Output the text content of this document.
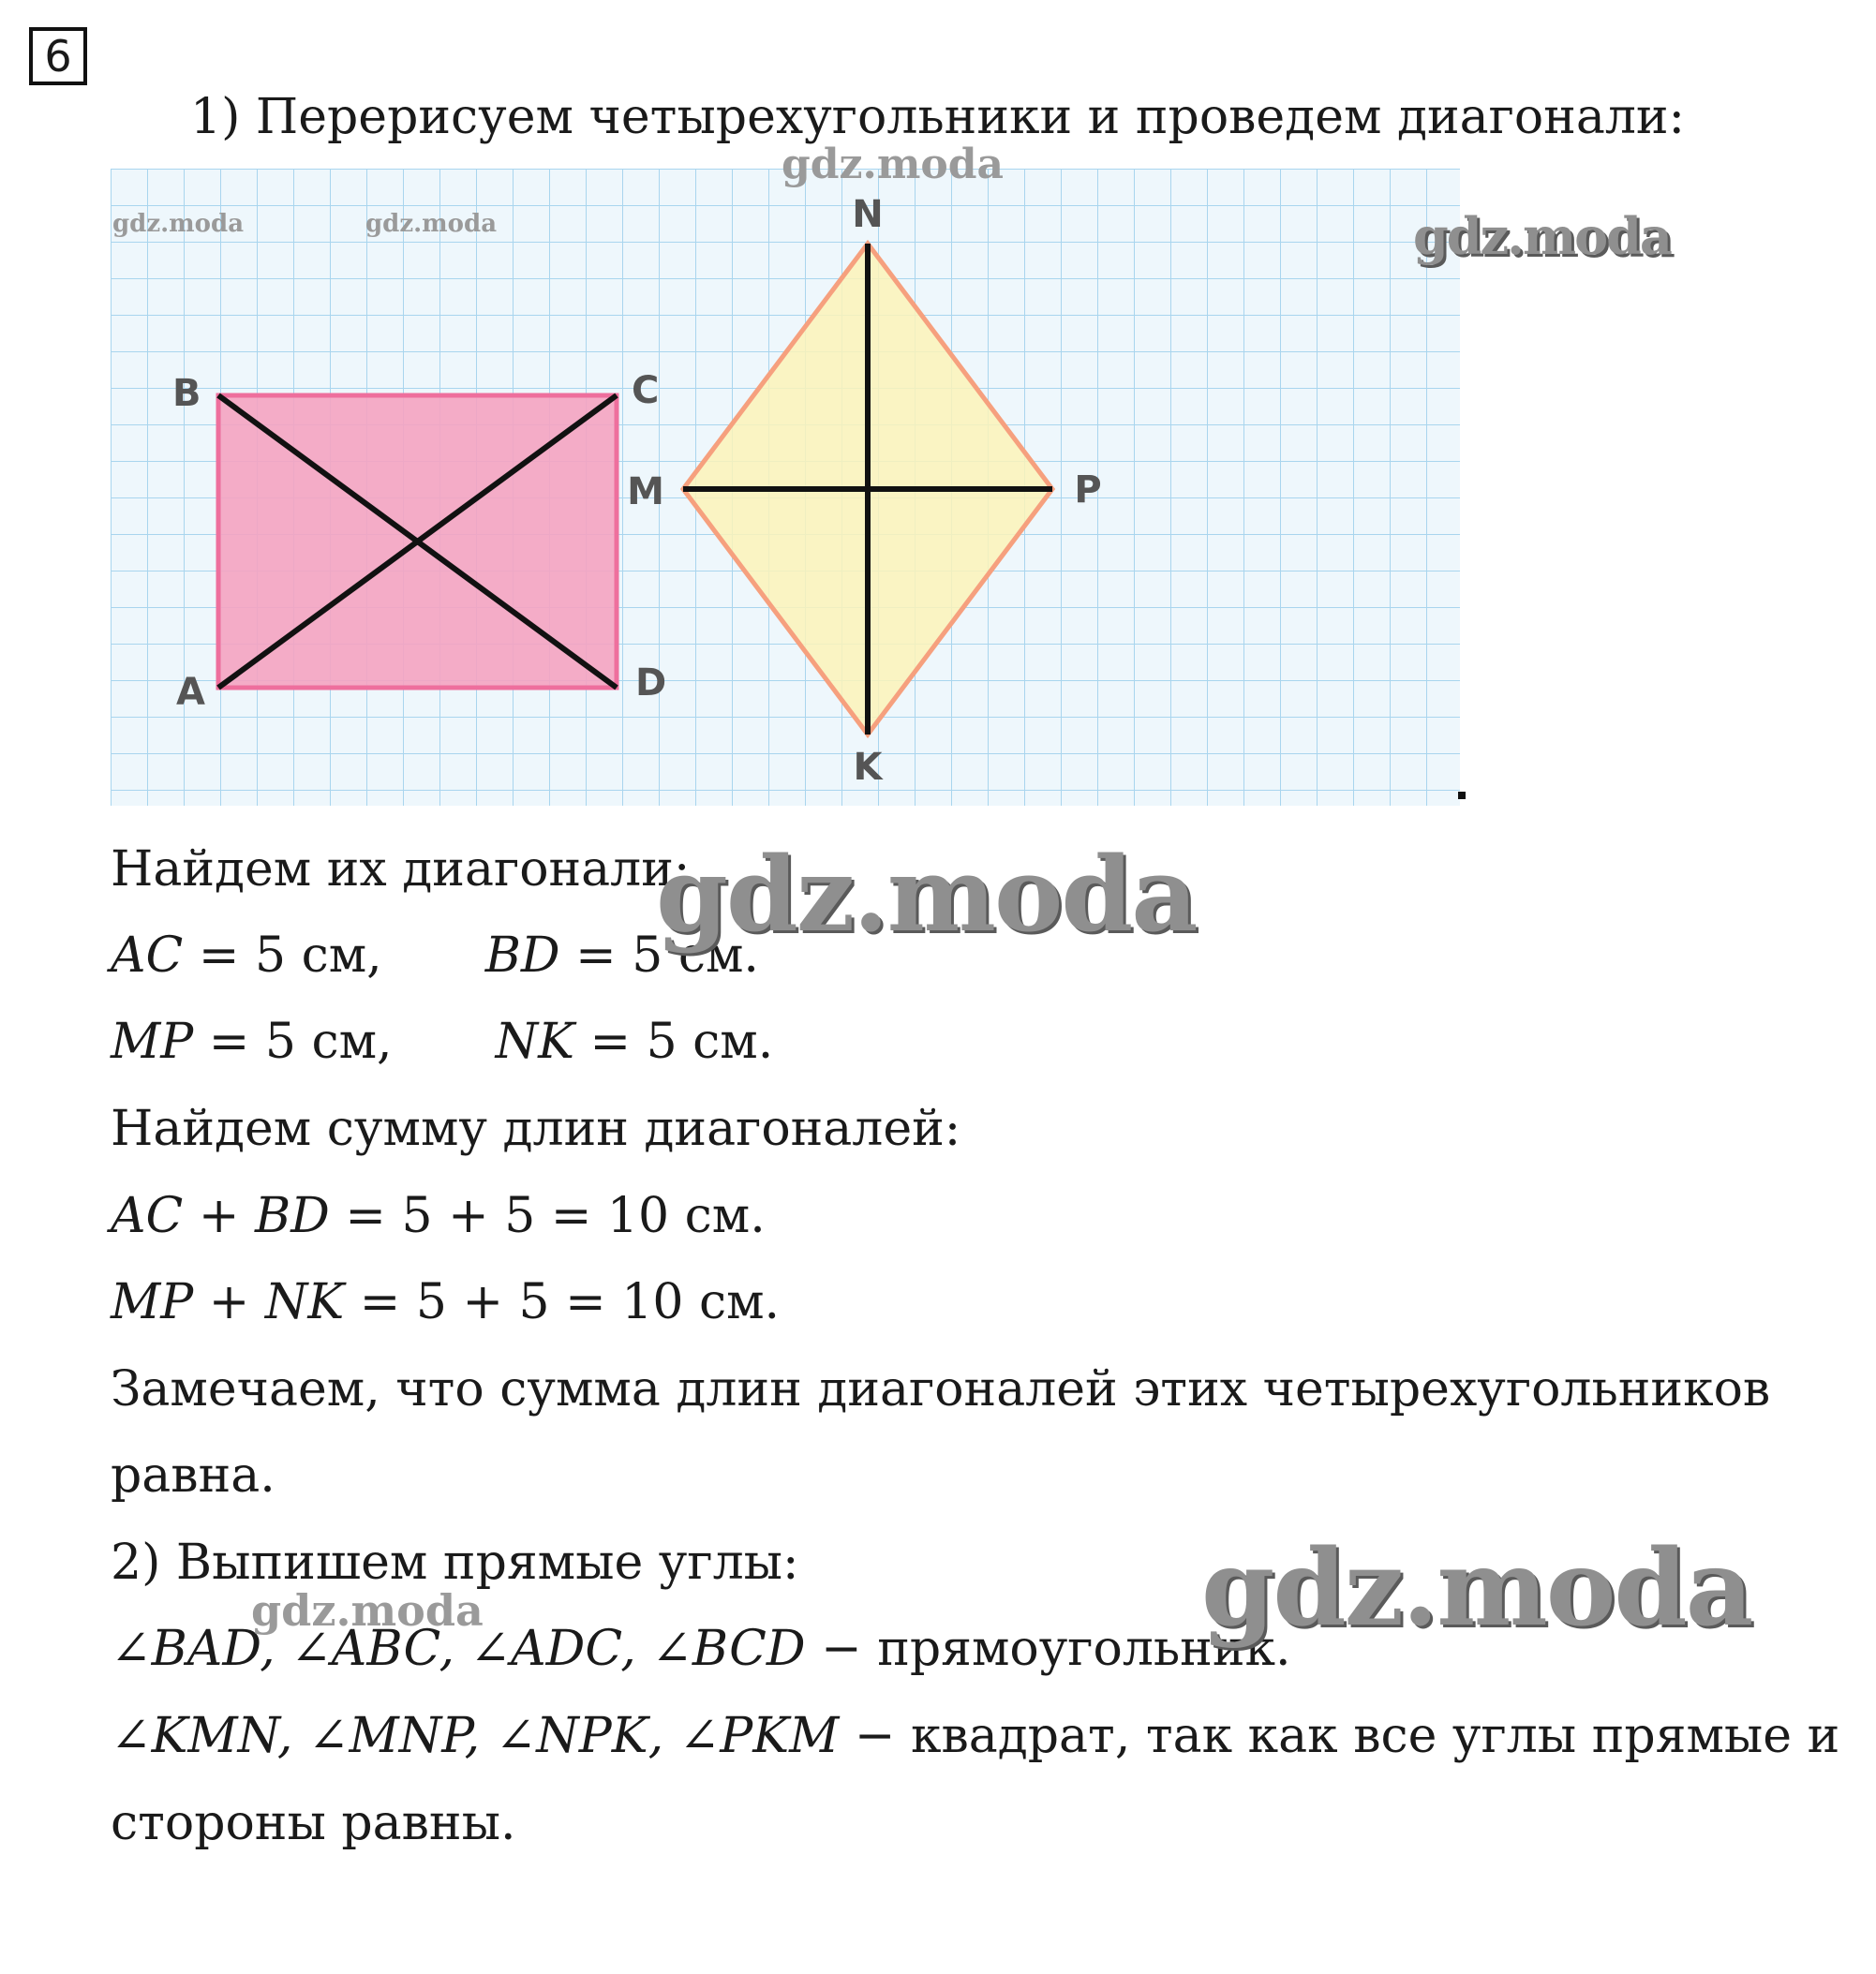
6
1) Перерисуем четырехугольники и проведем диагонали:
B	C
A	D
N
M	P
K
Найдем их диагонали:
AC = 5 см, BD = 5 см.
MP = 5 см, NK = 5 см.
Найдем сумму длин диагоналей:
AC + BD = 5 + 5 = 10 см.
MP + NK = 5 + 5 = 10 см.
Замечаем, что сумма длин диагоналей этих четырехугольников
равна.
2) Выпишем прямые углы:
∠BAD, ∠ABC, ∠ADC, ∠BCD − прямоугольник.
∠KMN, ∠MNP, ∠NPK, ∠PKM − квадрат, так как все углы прямые и
стороны равны.
gdz.moda
gdz.moda	gdz.moda	gdz.moda
gdz.moda
gdz.moda
gdz.moda
